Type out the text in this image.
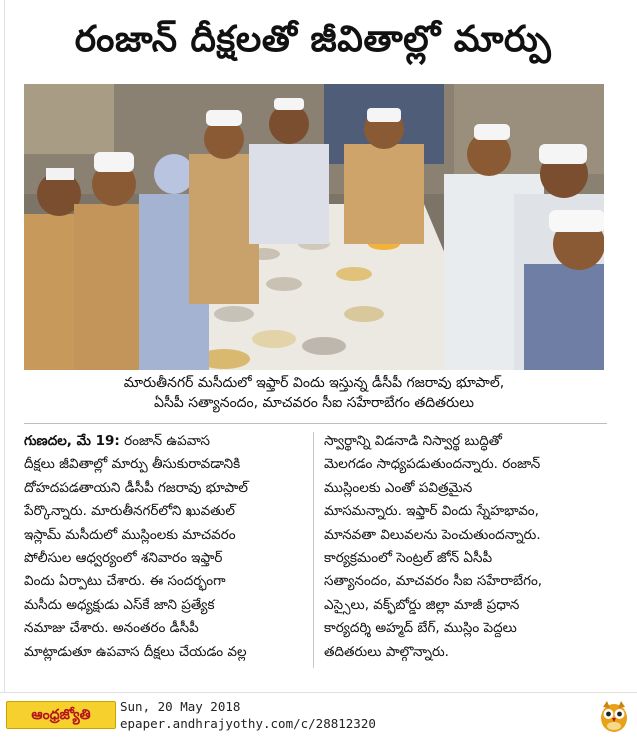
రంజాన్ దీక్షలతో జీవితాల్లో మార్పు
మారుతీనగర్ మసీదులో ఇఫ్తార్ విందు ఇస్తున్న డీసీపీ గజరావు భూపాల్,
ఏసీపీ సత్యానందం, మాచవరం సీఐ సహేరాబేగం తదితరులు
గుణదల, మే 19: రంజాన్ ఉపవాస
దీక్షలు జీవితాల్లో మార్పు తీసుకురావడానికి
దోహదపడతాయని డీసీపీ గజరావు భూపాల్
పేర్కొన్నారు. మారుతీనగర్‌లోని ఖువతుల్
ఇస్లామ్ మసీదులో ముస్లింలకు మాచవరం
పోలీసుల ఆధ్వర్యంలో శనివారం ఇఫ్తార్
విందు ఏర్పాటు చేశారు. ఈ సందర్భంగా
మసీదు అధ్యక్షుడు ఎస్‌కే జాని ప్రత్యేక
నమాజు చేశారు. అనంతరం డీసీపీ
మాట్లాడుతూ ఉపవాస దీక్షలు చేయడం వల్ల
స్వార్థాన్ని విడనాడి నిస్వార్థ బుద్ధితో
మెలగడం సాధ్యపడుతుందన్నారు. రంజాన్
ముస్లింలకు ఎంతో పవిత్రమైన
మాసమన్నారు. ఇఫ్తార్ విందు స్నేహభావం,
మానవతా విలువలను పెంచుతుందన్నారు.
కార్యక్రమంలో సెంట్రల్ జోన్ ఏసీపీ
సత్యానందం, మాచవరం సీఐ సహేరాబేగం,
ఎస్సైలు, వక్ఫ్‌బోర్డు జిల్లా మాజీ ప్రధాన
కార్యదర్శి అహ్మద్ బేగ్, ముస్లిం పెద్దలు
తదితరులు పాల్గొన్నారు.
ఆంధ్రజ్యోతి
Sun, 20 May 2018
epaper.andhrajyothy.com/c/28812320
